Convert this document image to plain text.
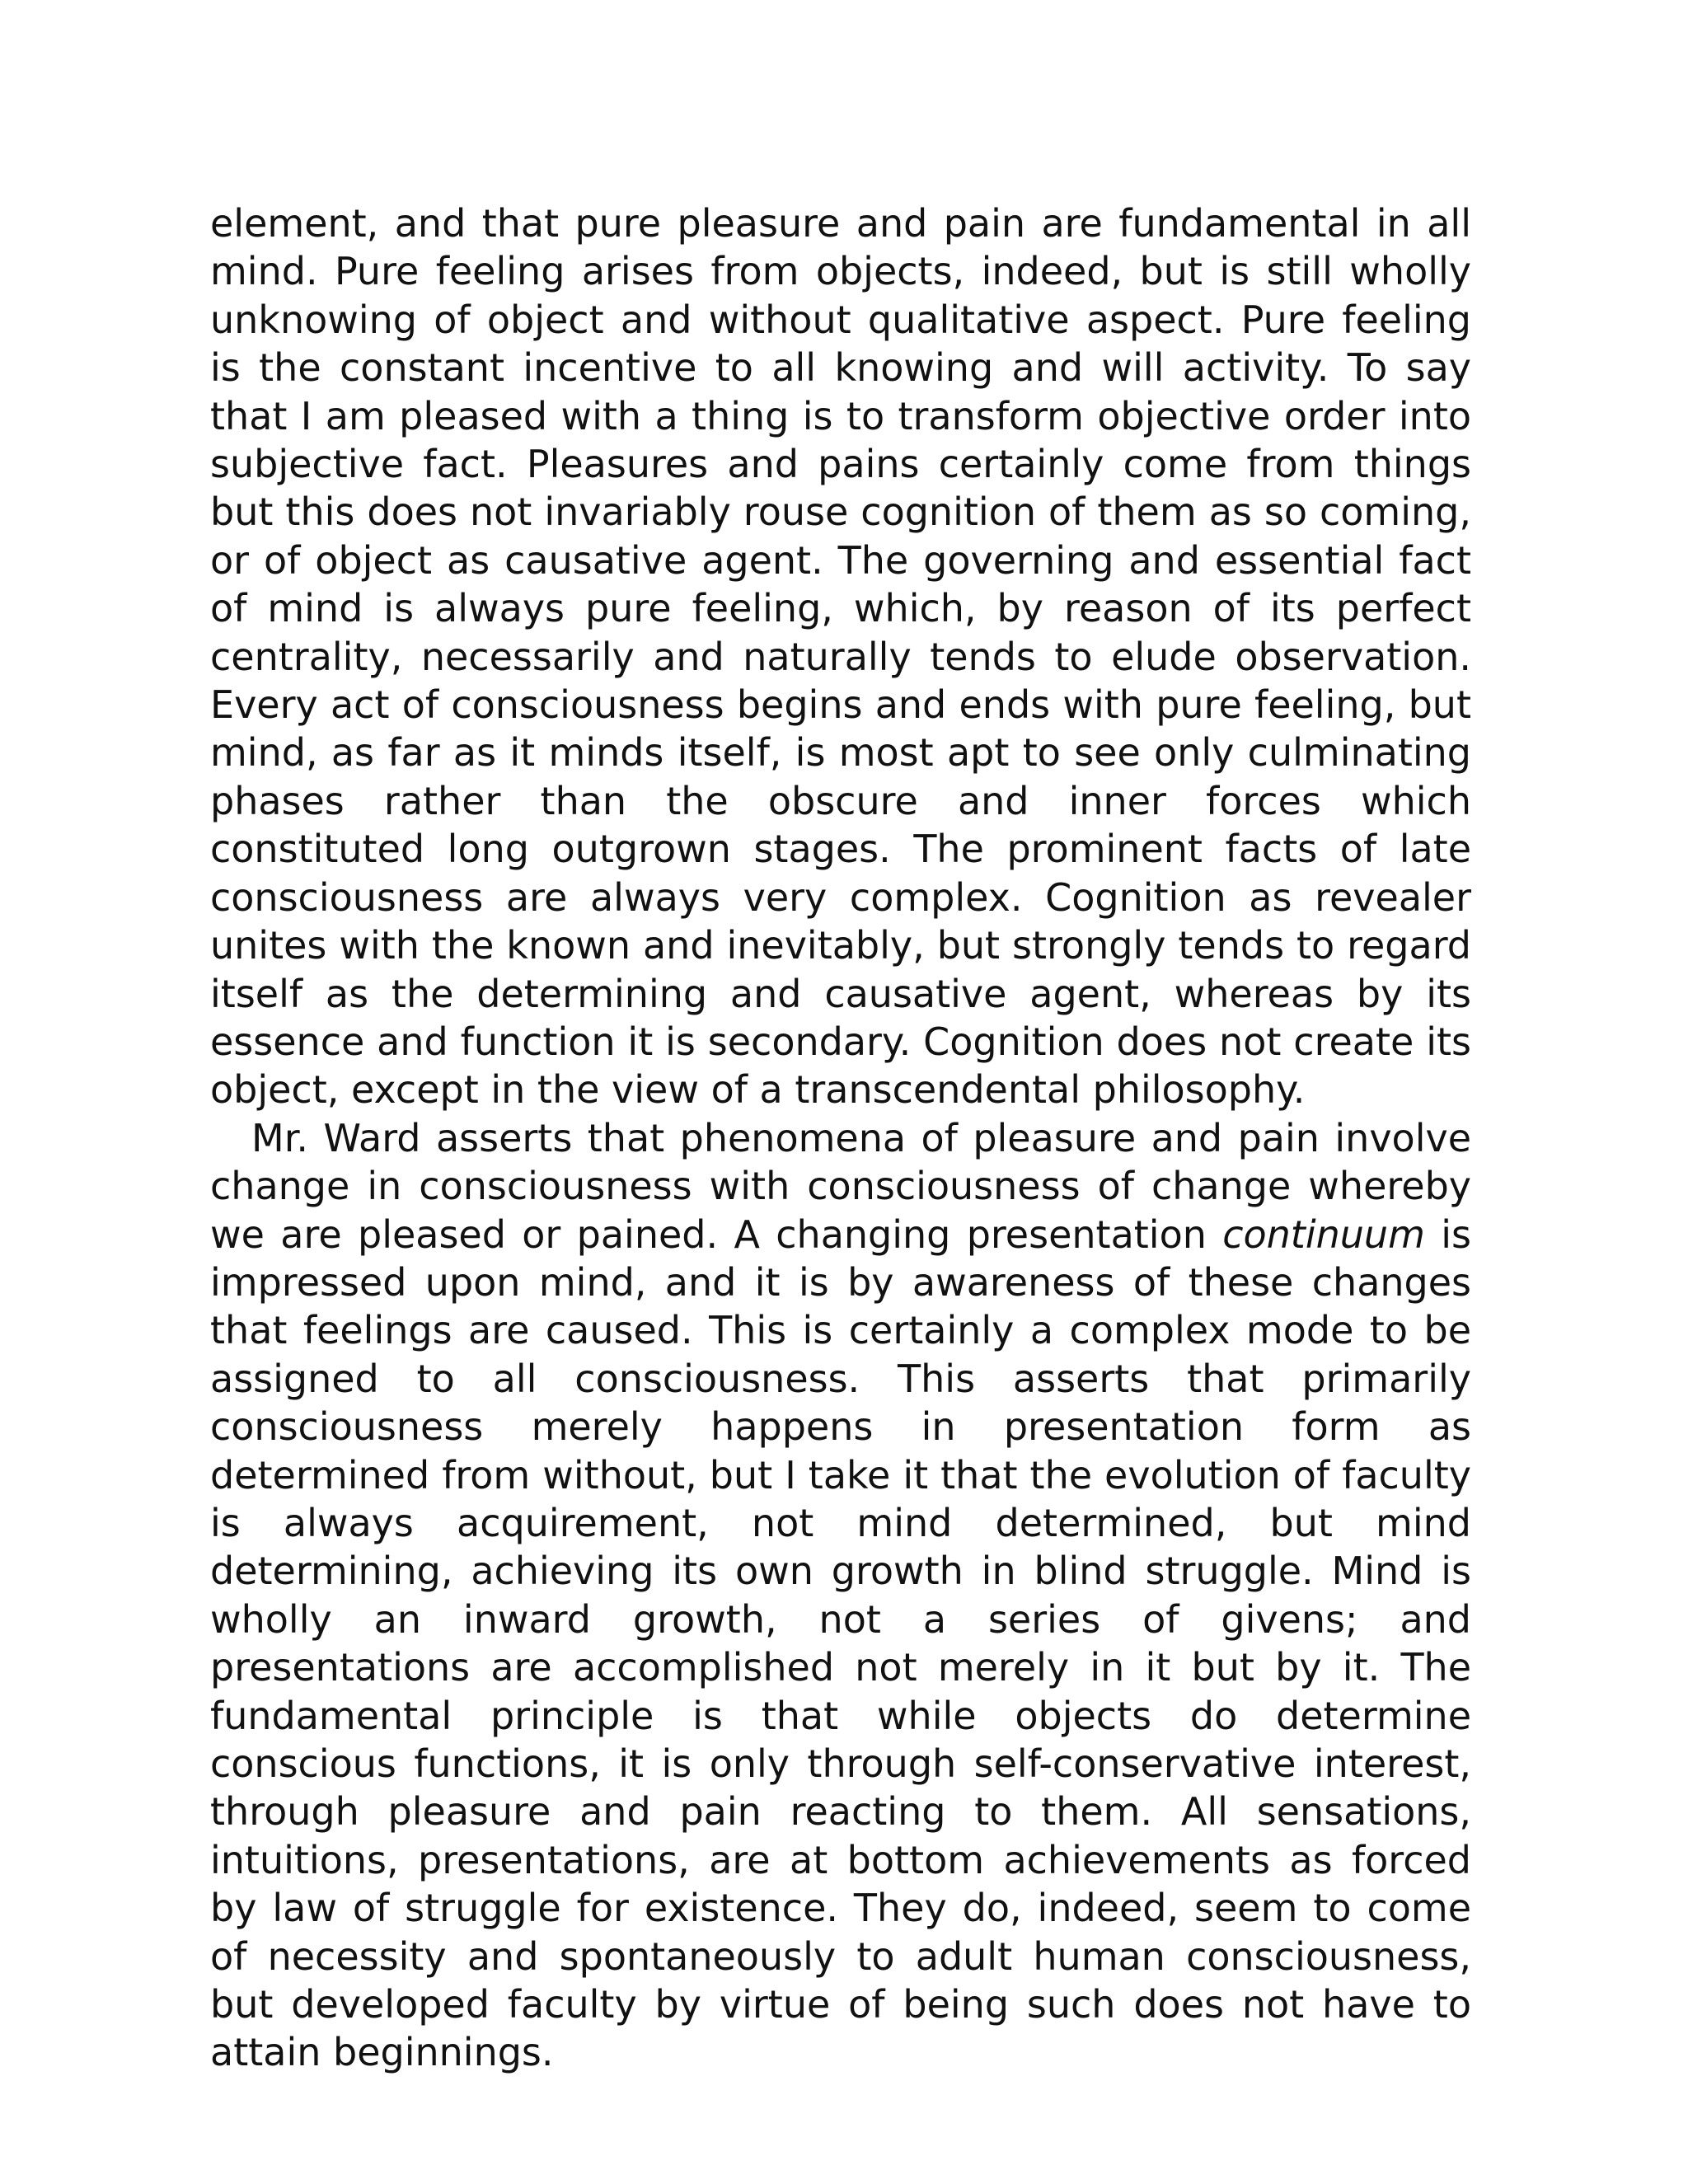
element, and that pure pleasure and pain are fundamental in all mind. Pure feeling arises from objects, indeed, but is still wholly unknowing of object and without qualitative aspect. Pure feeling is the constant incentive to all knowing and will activity. To say that I am pleased with a thing is to transform objective order into subjective fact. Pleasures and pains certainly come from things but this does not invariably rouse cognition of them as so coming, or of object as causative agent. The governing and essential fact of mind is always pure feeling, which, by reason of its perfect centrality, necessarily and naturally tends to elude observation. Every act of consciousness begins and ends with pure feeling, but mind, as far as it minds itself, is most apt to see only culminating phases rather than the obscure and inner forces which constituted long outgrown stages. The prominent facts of late consciousness are always very complex. Cognition as revealer unites with the known and inevitably, but strongly tends to regard itself as the determining and causative agent, whereas by its essence and function it is secondary. Cognition does not create its object, except in the view of a transcendental philosophy.

Mr. Ward asserts that phenomena of pleasure and pain involve change in consciousness with consciousness of change whereby we are pleased or pained. A changing presentation continuum is impressed upon mind, and it is by awareness of these changes that feelings are caused. This is certainly a complex mode to be assigned to all consciousness. This asserts that primarily consciousness merely happens in presentation form as determined from without, but I take it that the evolution of faculty is always acquirement, not mind determined, but mind determining, achieving its own growth in blind struggle. Mind is wholly an inward growth, not a series of givens; and presentations are accomplished not merely in it but by it. The fundamental principle is that while objects do determine conscious functions, it is only through self-conservative interest, through pleasure and pain reacting to them. All sensations, intuitions, presentations, are at bottom achievements as forced by law of struggle for existence. They do, indeed, seem to come of necessity and spontaneously to adult human consciousness, but developed faculty by virtue of being such does not have to attain beginnings.
